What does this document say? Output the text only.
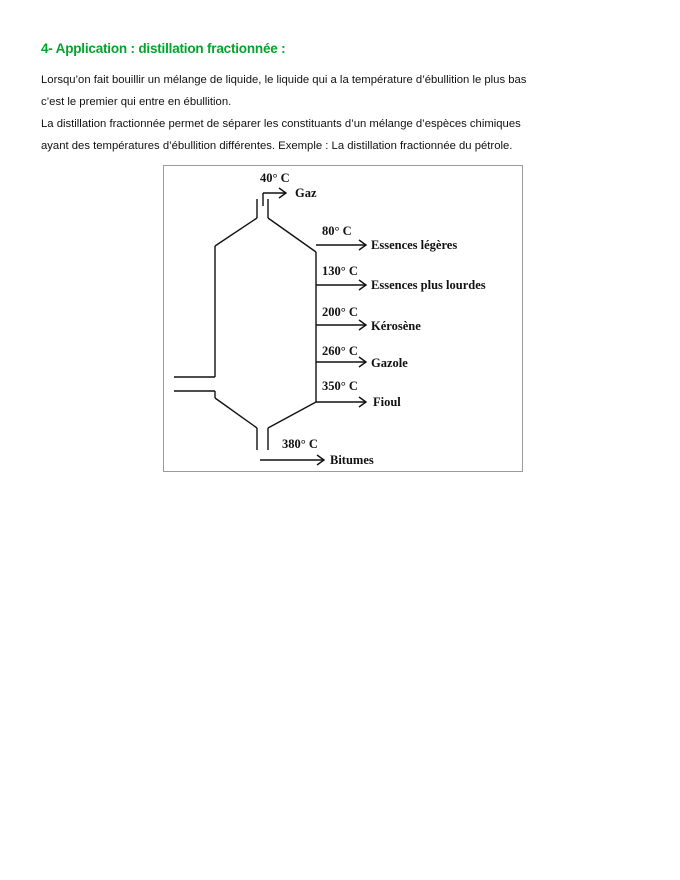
4- Application : distillation fractionnée :

Lorsqu’on fait bouillir un mélange de liquide, le liquide qui a la température d’ébullition le plus bas
c’est le premier qui entre en ébullition.

La distillation fractionnée permet de séparer les constituants d’un mélange d’espèces chimiques
ayant des températures d’ébullition différentes. Exemple : La distillation fractionnée du pétrole.

40° C
Gaz
80° C
Essences légères
130° C
Essences plus lourdes
200° C
Kérosène
260° C
Gazole
350° C
Fioul
380° C
Bitumes
